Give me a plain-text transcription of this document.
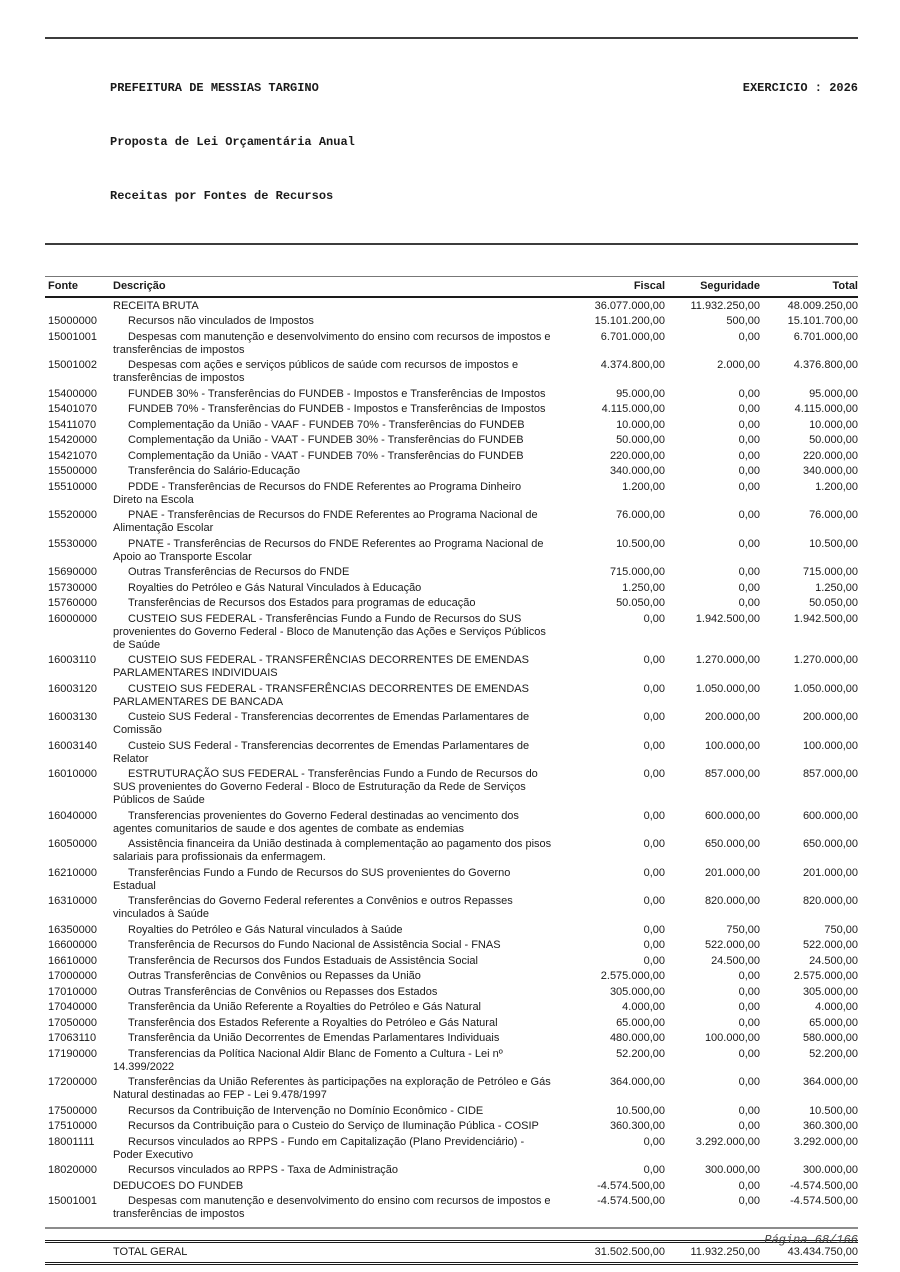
PREFEITURA DE MESSIAS TARGINO	EXERCICIO : 2026

Proposta de Lei Orçamentária Anual

Receitas por Fontes de Recursos

Fonte	Descrição	Fiscal	Seguridade	Total
	RECEITA BRUTA	36.077.000,00	11.932.250,00	48.009.250,00
15000000	Recursos não vinculados de Impostos	15.101.200,00	500,00	15.101.700,00
15001001	Despesas com manutenção e desenvolvimento do ensino com recursos de impostos e transferências de impostos	6.701.000,00	0,00	6.701.000,00
15001002	Despesas com ações e serviços públicos de saúde com recursos de impostos e transferências de impostos	4.374.800,00	2.000,00	4.376.800,00
15400000	FUNDEB 30% - Transferências do FUNDEB - Impostos e Transferências de Impostos	95.000,00	0,00	95.000,00
15401070	FUNDEB 70% - Transferências do FUNDEB - Impostos e Transferências de Impostos	4.115.000,00	0,00	4.115.000,00
15411070	Complementação da União - VAAF - FUNDEB 70% - Transferências do FUNDEB	10.000,00	0,00	10.000,00
15420000	Complementação da União - VAAT - FUNDEB 30% - Transferências do FUNDEB	50.000,00	0,00	50.000,00
15421070	Complementação da União - VAAT - FUNDEB 70% - Transferências do FUNDEB	220.000,00	0,00	220.000,00
15500000	Transferência do Salário-Educação	340.000,00	0,00	340.000,00
15510000	PDDE - Transferências de Recursos do FNDE Referentes ao Programa Dinheiro Direto na Escola	1.200,00	0,00	1.200,00
15520000	PNAE - Transferências de Recursos do FNDE Referentes ao Programa Nacional de Alimentação Escolar	76.000,00	0,00	76.000,00
15530000	PNATE - Transferências de Recursos do FNDE Referentes ao Programa Nacional de Apoio ao Transporte Escolar	10.500,00	0,00	10.500,00
15690000	Outras Transferências de Recursos do FNDE	715.000,00	0,00	715.000,00
15730000	Royalties do Petróleo e Gás Natural Vinculados à Educação	1.250,00	0,00	1.250,00
15760000	Transferências de Recursos dos Estados para programas de educação	50.050,00	0,00	50.050,00
16000000	CUSTEIO SUS FEDERAL - Transferências Fundo a Fundo de Recursos do SUS provenientes do Governo Federal - Bloco de Manutenção das Ações e Serviços Públicos de Saúde	0,00	1.942.500,00	1.942.500,00
16003110	CUSTEIO SUS FEDERAL - TRANSFERÊNCIAS DECORRENTES DE EMENDAS PARLAMENTARES INDIVIDUAIS	0,00	1.270.000,00	1.270.000,00
16003120	CUSTEIO SUS FEDERAL - TRANSFERÊNCIAS DECORRENTES DE EMENDAS PARLAMENTARES DE BANCADA	0,00	1.050.000,00	1.050.000,00
16003130	Custeio SUS Federal - Transferencias decorrentes de Emendas Parlamentares de Comissão	0,00	200.000,00	200.000,00
16003140	Custeio SUS Federal - Transferencias decorrentes de Emendas Parlamentares de Relator	0,00	100.000,00	100.000,00
16010000	ESTRUTURAÇÃO SUS FEDERAL - Transferências Fundo a Fundo de Recursos do SUS provenientes do Governo Federal - Bloco de Estruturação da Rede de Serviços Públicos de Saúde	0,00	857.000,00	857.000,00
16040000	Transferencias provenientes do Governo Federal destinadas ao vencimento dos agentes comunitarios de saude e dos agentes de combate as endemias	0,00	600.000,00	600.000,00
16050000	Assistência financeira da União destinada à complementação ao pagamento dos pisos salariais para profissionais da enfermagem.	0,00	650.000,00	650.000,00
16210000	Transferências Fundo a Fundo de Recursos do SUS provenientes do Governo Estadual	0,00	201.000,00	201.000,00
16310000	Transferências do Governo Federal referentes a Convênios e outros Repasses vinculados à Saúde	0,00	820.000,00	820.000,00
16350000	Royalties do Petróleo e Gás Natural vinculados à Saúde	0,00	750,00	750,00
16600000	Transferência de Recursos do Fundo Nacional de Assistência Social - FNAS	0,00	522.000,00	522.000,00
16610000	Transferência de Recursos dos Fundos Estaduais de Assistência Social	0,00	24.500,00	24.500,00
17000000	Outras Transferências de Convênios ou Repasses da União	2.575.000,00	0,00	2.575.000,00
17010000	Outras Transferências de Convênios ou Repasses dos Estados	305.000,00	0,00	305.000,00
17040000	Transferência da União Referente a Royalties do Petróleo e Gás Natural	4.000,00	0,00	4.000,00
17050000	Transferência dos Estados Referente a Royalties do Petróleo e Gás Natural	65.000,00	0,00	65.000,00
17063110	Transferência da União Decorrentes de Emendas Parlamentares Individuais	480.000,00	100.000,00	580.000,00
17190000	Transferencias da Política Nacional Aldir Blanc de Fomento a Cultura - Lei nº 14.399/2022	52.200,00	0,00	52.200,00
17200000	Transferências da União Referentes às participações na exploração de Petróleo e Gás Natural destinadas ao FEP - Lei 9.478/1997	364.000,00	0,00	364.000,00
17500000	Recursos da Contribuição de Intervenção no Domínio Econômico - CIDE	10.500,00	0,00	10.500,00
17510000	Recursos da Contribuição para o Custeio do Serviço de Iluminação Pública - COSIP	360.300,00	0,00	360.300,00
18001111	Recursos vinculados ao RPPS - Fundo em Capitalização (Plano Previdenciário) - Poder Executivo	0,00	3.292.000,00	3.292.000,00
18020000	Recursos vinculados ao RPPS - Taxa de Administração	0,00	300.000,00	300.000,00
	DEDUCOES DO FUNDEB	-4.574.500,00	0,00	-4.574.500,00
15001001	Despesas com manutenção e desenvolvimento do ensino com recursos de impostos e transferências de impostos	-4.574.500,00	0,00	-4.574.500,00
	TOTAL GERAL	31.502.500,00	11.932.250,00	43.434.750,00
Página 68/166
